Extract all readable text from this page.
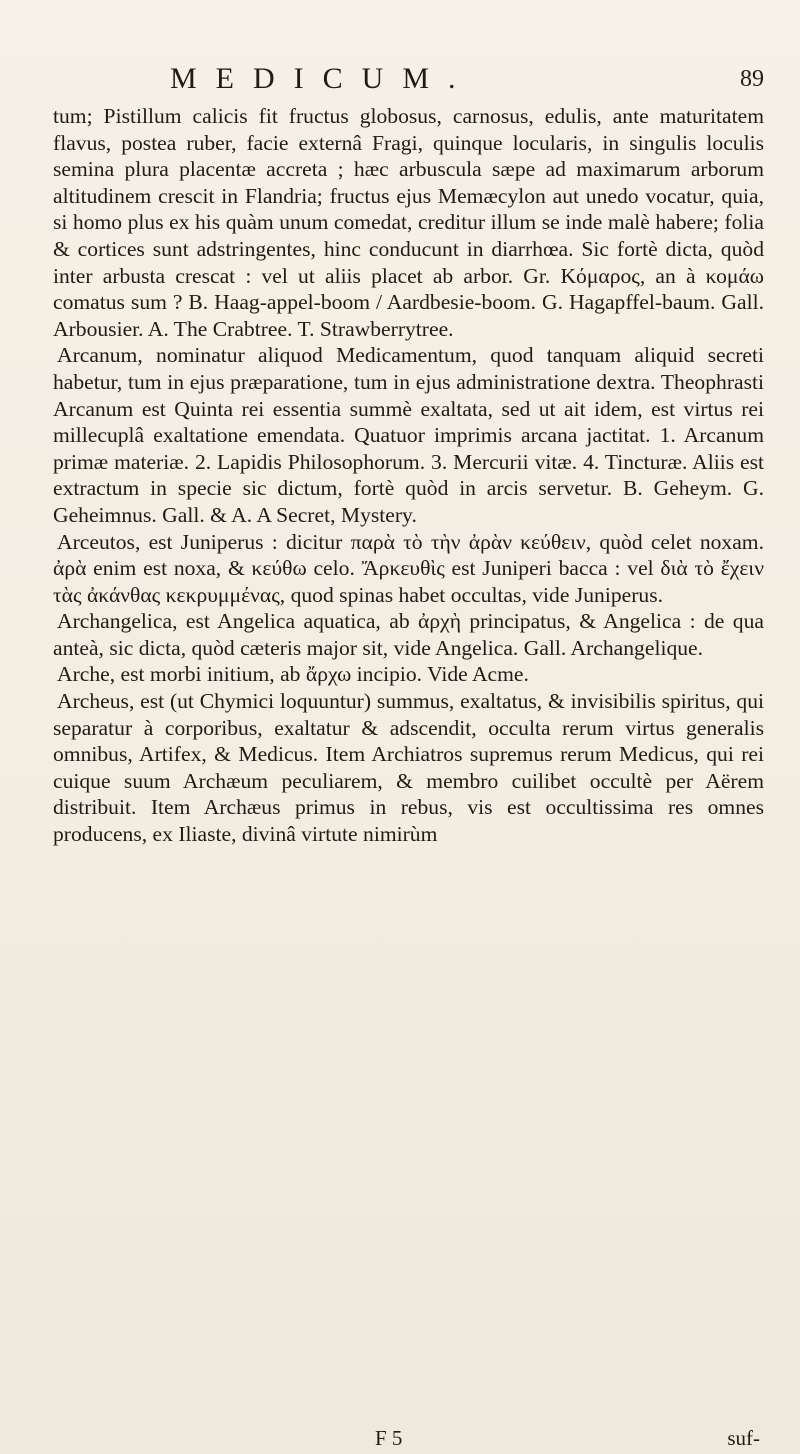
MEDICUM.	89

tum; Pistillum calicis fit fructus globosus, carnosus, edulis, ante maturitatem flavus, postea ruber, facie externâ Fragi, quinque locularis, in singulis loculis semina plura placentæ accreta ; hæc arbuscula sæpe ad maximarum arborum altitudinem crescit in Flandria; fructus ejus Memæcylon aut unedo vocatur, quia, si homo plus ex his quàm unum comedat, creditur illum se inde malè habere; folia & cortices sunt adstringentes, hinc conducunt in diarrhœa. Sic fortè dicta, quòd inter arbusta crescat : vel ut aliis placet ab arbor. Gr. Κόμαρος, an à κομάω comatus sum ? B. Haag-appel-boom / Aardbesie-boom. G. Hagapffel-baum. Gall. Arbousier. A. The Crabtree. T. Strawberrytree.

Arcanum, nominatur aliquod Medicamentum, quod tanquam aliquid secreti habetur, tum in ejus præparatione, tum in ejus administratione dextra. Theophrasti Arcanum est Quinta rei essentia summè exaltata, sed ut ait idem, est virtus rei millecuplâ exaltatione emendata. Quatuor imprimis arcana jactitat. 1. Arcanum primæ materiæ. 2. Lapidis Philosophorum. 3. Mercurii vitæ. 4. Tincturæ. Aliis est extractum in specie sic dictum, fortè quòd in arcis servetur. B. Geheym. G. Geheimnus. Gall. & A. A Secret, Mystery.

Arceutos, est Juniperus : dicitur παρὰ τὸ τὴν ἀρὰν κεύθειν, quòd celet noxam. ἀρὰ enim est noxa, & κεύθω celo. Ἄρκευθὶς est Juniperi bacca : vel διὰ τὸ ἔχειν τὰς ἀκάνθας κεκρυμμένας, quod spinas habet occultas, vide Juniperus.

Archangelica, est Angelica aquatica, ab ἀρχὴ principatus, & Angelica : de qua anteà, sic dicta, quòd cæteris major sit, vide Angelica. Gall. Archangelique.

Arche, est morbi initium, ab ἄρχω incipio. Vide Acme.

Archeus, est (ut Chymici loquuntur) summus, exaltatus, & invisibilis spiritus, qui separatur à corporibus, exaltatur & adscendit, occulta rerum virtus generalis omnibus, Artifex, & Medicus. Item Archiatros supremus rerum Medicus, qui rei cuique suum Archæum peculiarem, & membro cuilibet occultè per Aërem distribuit. Item Archæus primus in rebus, vis est occultissima res omnes producens, ex Iliaste, divinâ virtute nimirùm

F 5	suf-
